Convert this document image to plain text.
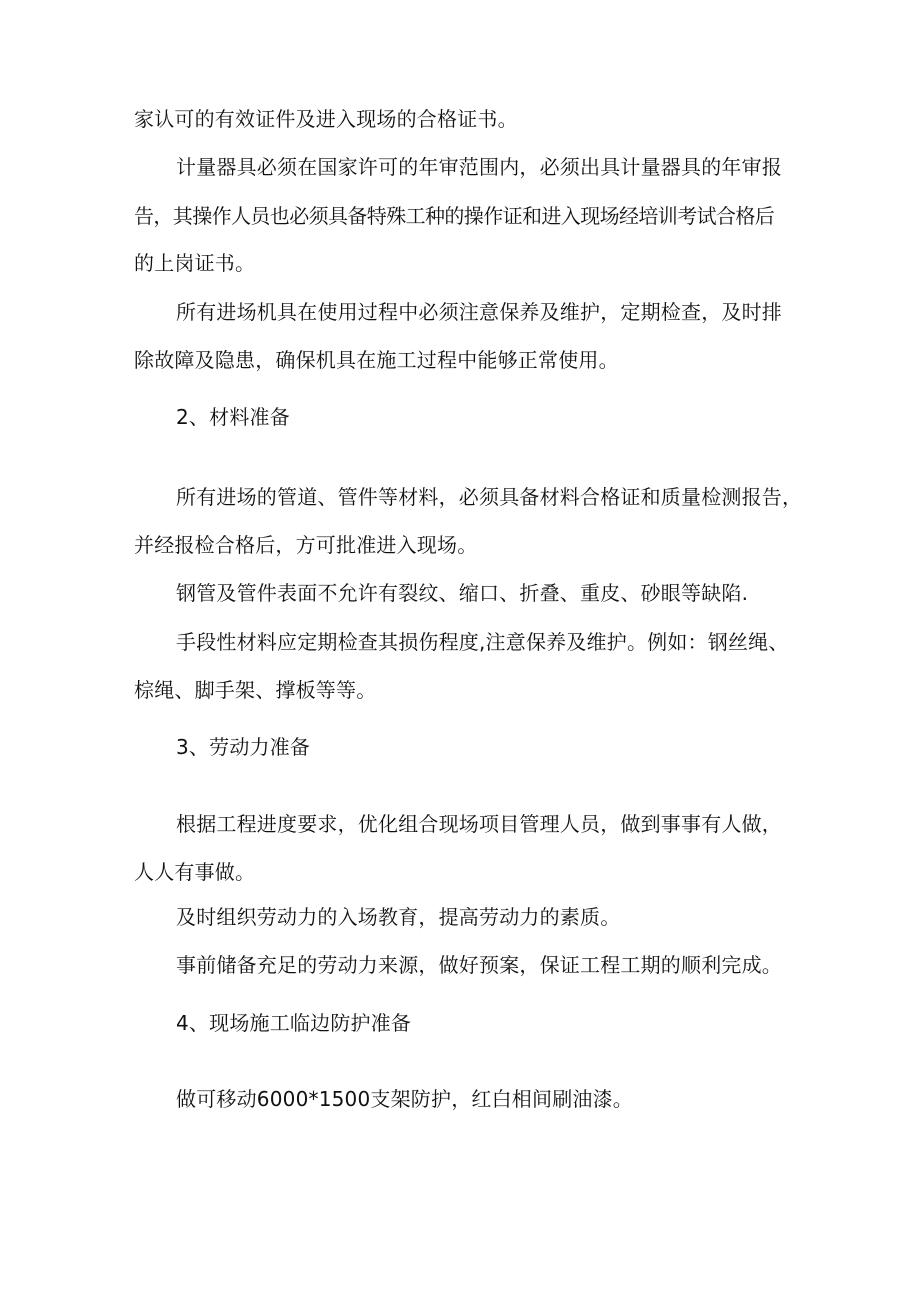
家认可的有效证件及进入现场的合格证书。
计量器具必须在国家许可的年审范围内，必须出具计量器具的年审报
告，其操作人员也必须具备特殊工种的操作证和进入现场经培训考试合格后
的上岗证书。
所有进场机具在使用过程中必须注意保养及维护，定期检查，及时排
除故障及隐患，确保机具在施工过程中能够正常使用。
2、材料准备
所有进场的管道、管件等材料，必须具备材料合格证和质量检测报告，
并经报检合格后，方可批准进入现场。
钢管及管件表面不允许有裂纹、缩口、折叠、重皮、砂眼等缺陷.
手段性材料应定期检查其损伤程度,注意保养及维护。例如：钢丝绳、
棕绳、脚手架、撑板等等。
3、劳动力准备
根据工程进度要求，优化组合现场项目管理人员，做到事事有人做，
人人有事做。
及时组织劳动力的入场教育，提高劳动力的素质。
事前储备充足的劳动力来源，做好预案，保证工程工期的顺利完成。
4、现场施工临边防护准备
做可移动6000*1500支架防护，红白相间刷油漆。
